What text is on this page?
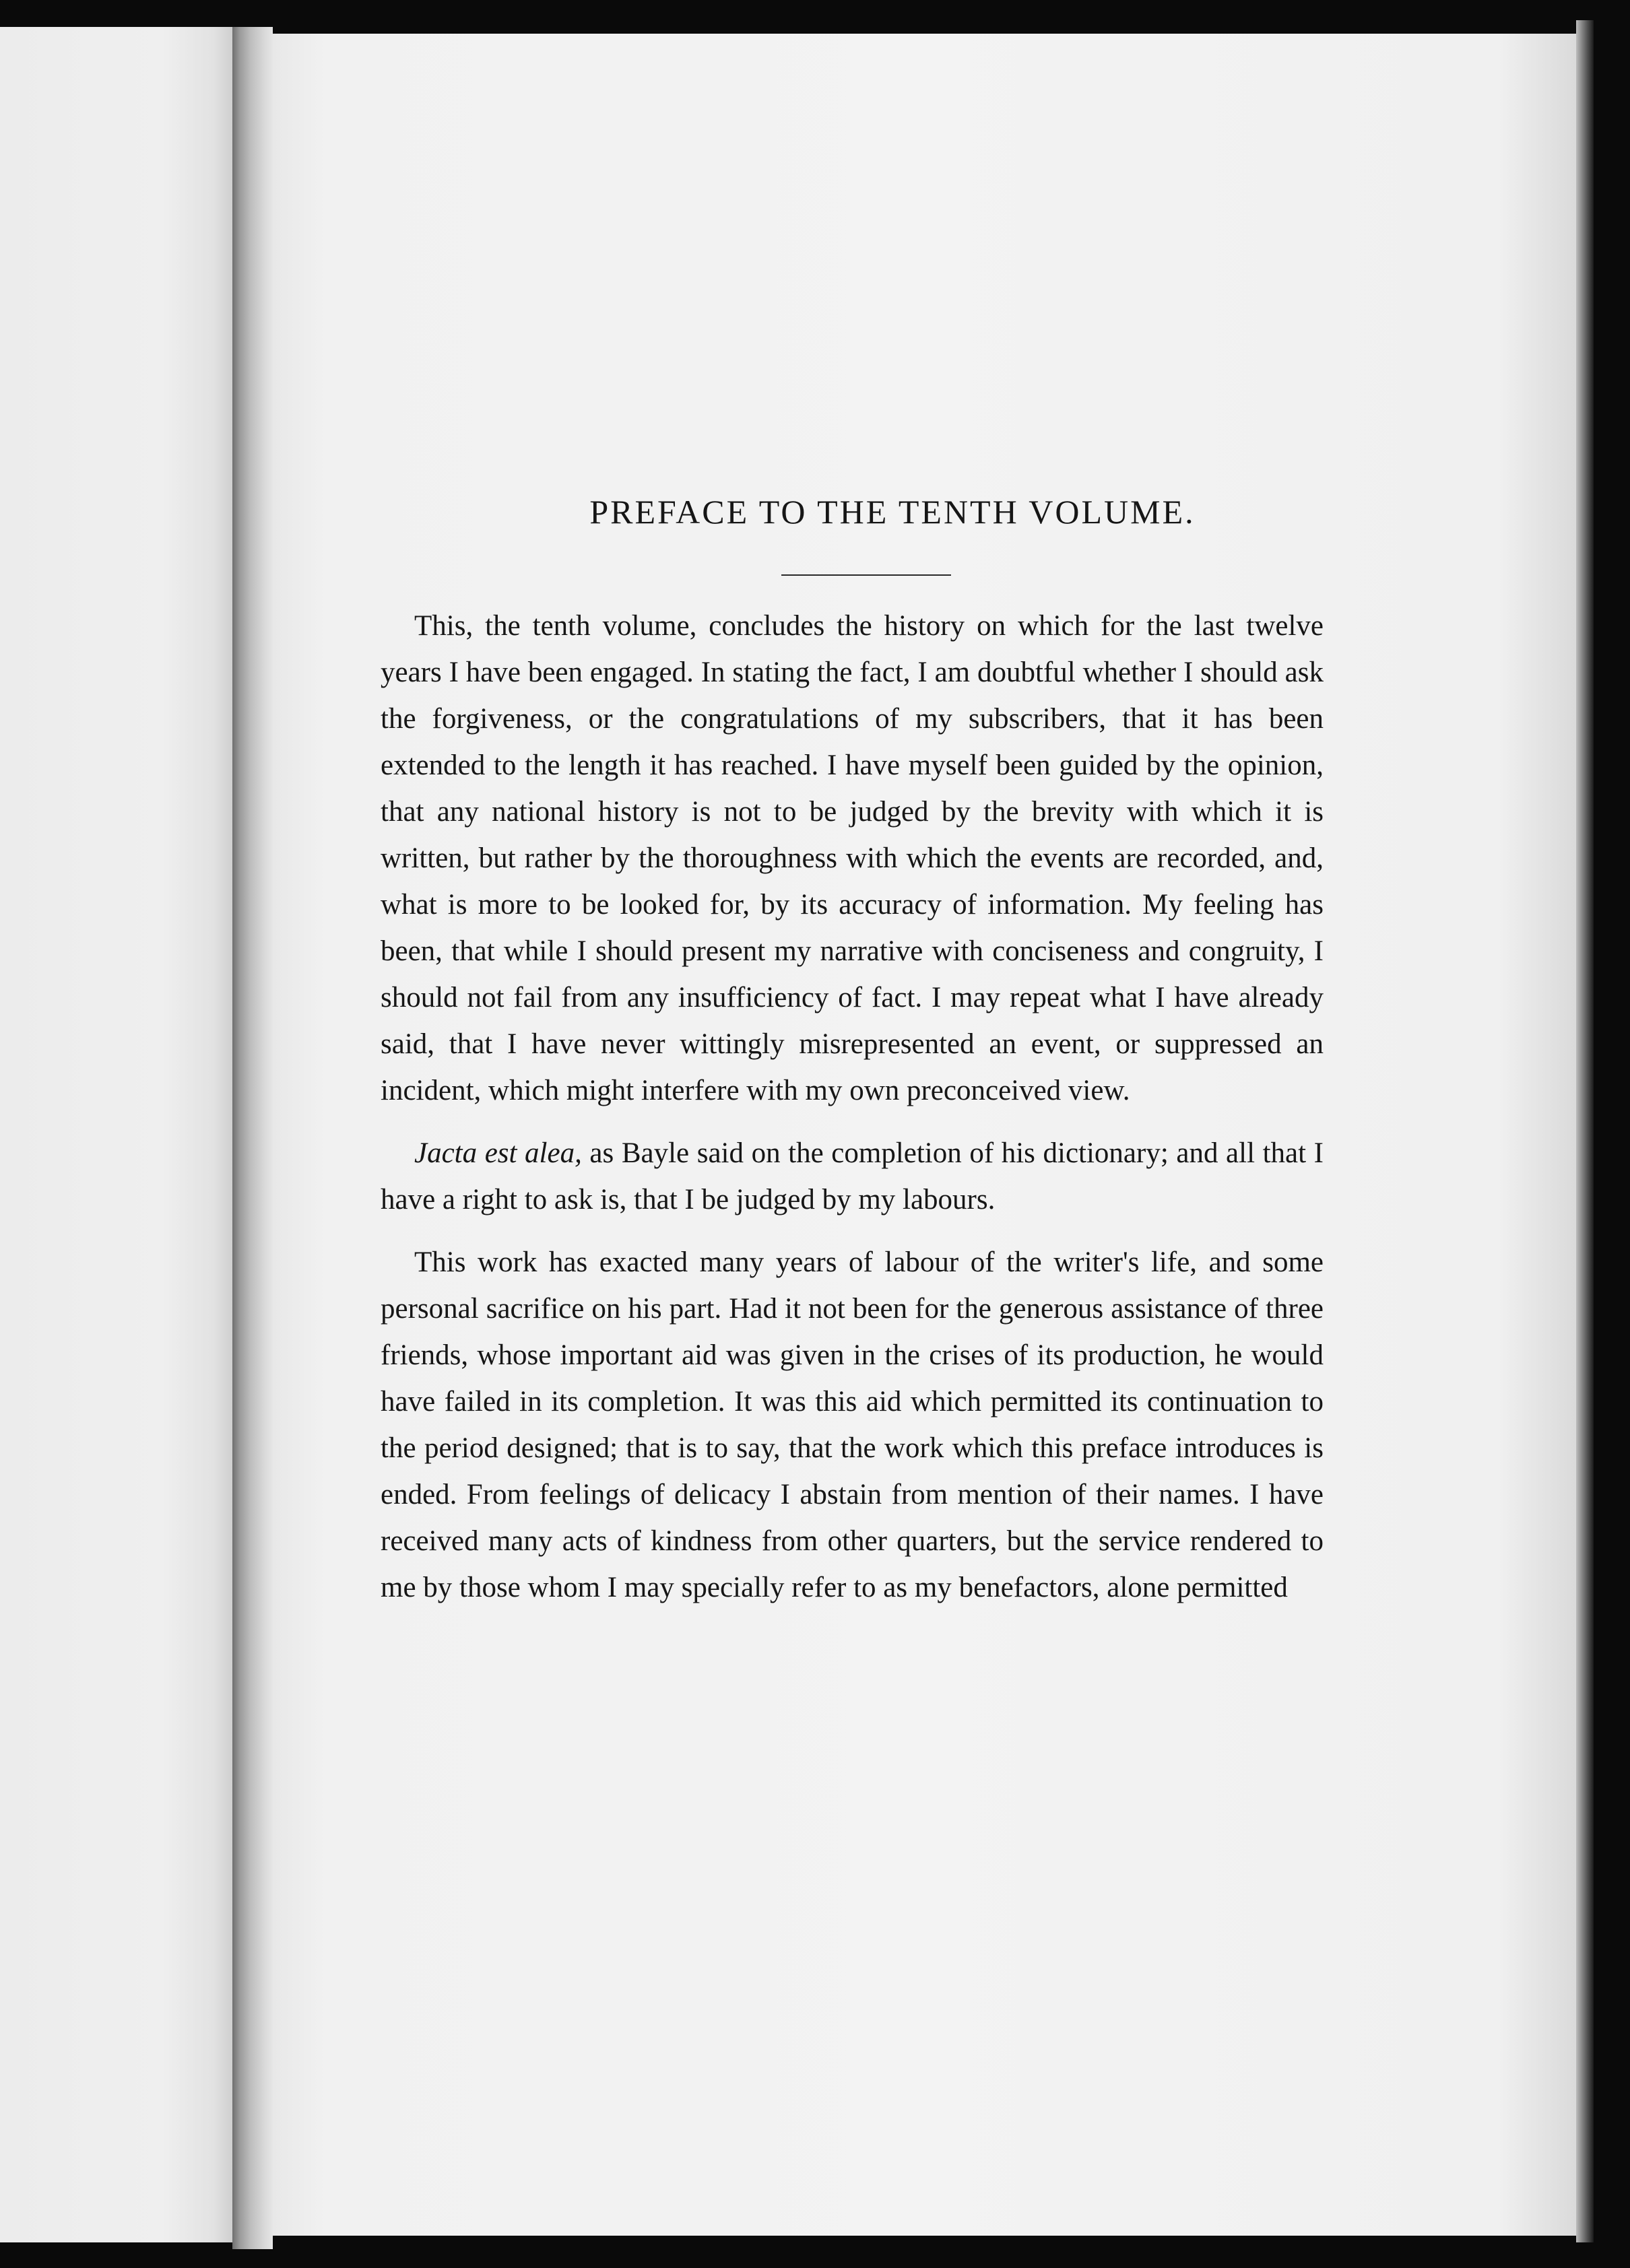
PREFACE TO THE TENTH VOLUME.

This, the tenth volume, concludes the history on which for the last twelve years I have been engaged. In stating the fact, I am doubtful whether I should ask the forgiveness, or the congratulations of my subscribers, that it has been extended to the length it has reached. I have myself been guided by the opinion, that any national history is not to be judged by the brevity with which it is written, but rather by the thoroughness with which the events are recorded, and, what is more to be looked for, by its accuracy of information. My feeling has been, that while I should present my narrative with conciseness and congruity, I should not fail from any insufficiency of fact. I may repeat what I have already said, that I have never wittingly misrepresented an event, or suppressed an incident, which might interfere with my own preconceived view.

Jacta est alea, as Bayle said on the completion of his dictionary; and all that I have a right to ask is, that I be judged by my labours.

This work has exacted many years of labour of the writer's life, and some personal sacrifice on his part. Had it not been for the generous assistance of three friends, whose important aid was given in the crises of its production, he would have failed in its completion. It was this aid which permitted its continuation to the period designed; that is to say, that the work which this preface introduces is ended. From feelings of delicacy I abstain from mention of their names. I have received many acts of kindness from other quarters, but the service rendered to me by those whom I may specially refer to as my benefactors, alone permitted
